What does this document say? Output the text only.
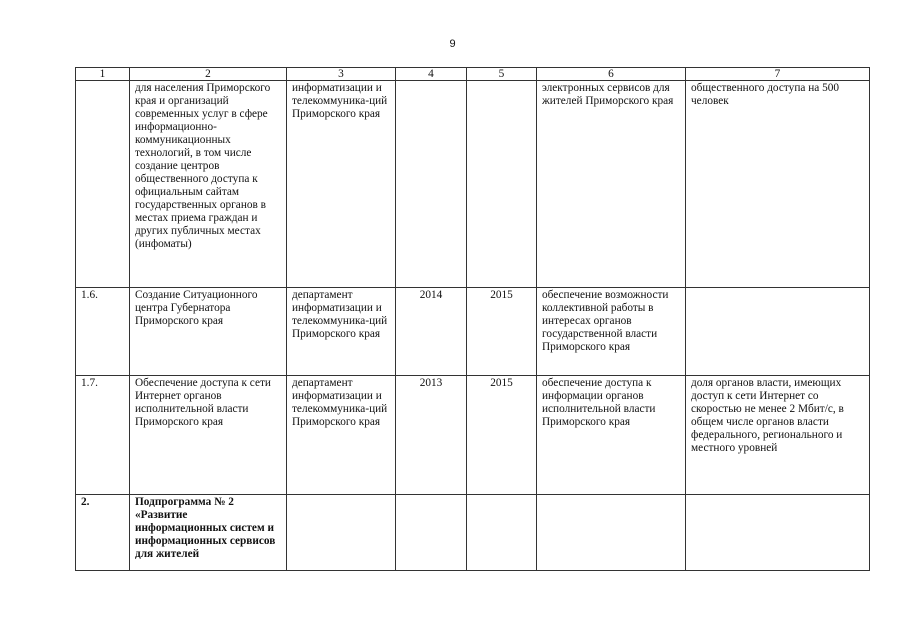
9
1	2	3	4	5	6	7
	для населения Приморского края и организаций современных услуг в сфере информационно-коммуникационных технологий, в том числе создание центров общественного доступа к официальным сайтам государственных органов в местах приема граждан и других публичных местах (инфоматы)	информатизации и телекоммуника-ций Приморского края			электронных сервисов для жителей Приморского края	общественного доступа на 500 человек
1.6.	Создание Ситуационного центра Губернатора Приморского края	департамент информатизации и телекоммуника-ций Приморского края	2014	2015	обеспечение возможности коллективной работы в интересах органов государственной власти Приморского края	
1.7.	Обеспечение доступа к сети Интернет органов исполнительной власти Приморского края	департамент информатизации и телекоммуника-ций Приморского края	2013	2015	обеспечение доступа к информации органов исполнительной власти Приморского края	доля органов власти, имеющих доступ к сети Интернет со скоростью не менее 2 Мбит/с, в общем числе органов власти федерального, регионального и местного уровней
2.	Подпрограмма № 2 «Развитие информационных систем и информационных сервисов для жителей					
